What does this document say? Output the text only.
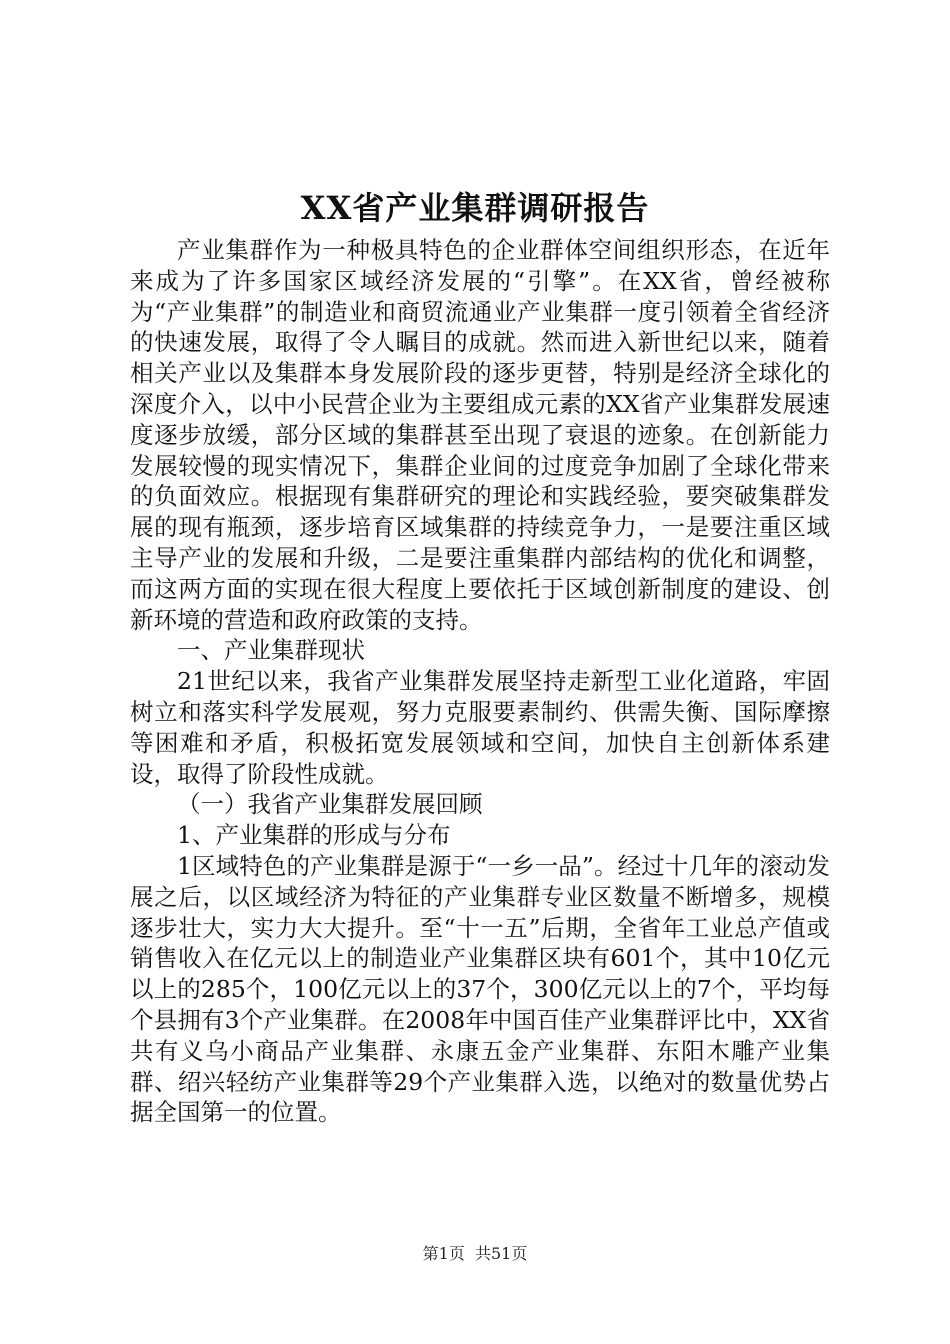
XX省产业集群调研报告

产业集群作为一种极具特色的企业群体空间组织形态，在近年来成为了许多国家区域经济发展的“引擎”。在XX省，曾经被称为“产业集群”的制造业和商贸流通业产业集群一度引领着全省经济的快速发展，取得了令人瞩目的成就。然而进入新世纪以来，随着相关产业以及集群本身发展阶段的逐步更替，特别是经济全球化的深度介入，以中小民营企业为主要组成元素的XX省产业集群发展速度逐步放缓，部分区域的集群甚至出现了衰退的迹象。在创新能力发展较慢的现实情况下，集群企业间的过度竞争加剧了全球化带来的负面效应。根据现有集群研究的理论和实践经验，要突破集群发展的现有瓶颈，逐步培育区域集群的持续竞争力，一是要注重区域主导产业的发展和升级，二是要注重集群内部结构的优化和调整，而这两方面的实现在很大程度上要依托于区域创新制度的建设、创新环境的营造和政府政策的支持。

一、产业集群现状

21世纪以来，我省产业集群发展坚持走新型工业化道路，牢固树立和落实科学发展观，努力克服要素制约、供需失衡、国际摩擦等困难和矛盾，积极拓宽发展领域和空间，加快自主创新体系建设，取得了阶段性成就。

（一）我省产业集群发展回顾

1、产业集群的形成与分布

1区域特色的产业集群是源于“一乡一品”。经过十几年的滚动发展之后，以区域经济为特征的产业集群专业区数量不断增多，规模逐步壮大，实力大大提升。至“十一五”后期，全省年工业总产值或销售收入在亿元以上的制造业产业集群区块有601个，其中10亿元以上的285个，100亿元以上的37个，300亿元以上的7个，平均每个县拥有3个产业集群。在2008年中国百佳产业集群评比中，XX省共有义乌小商品产业集群、永康五金产业集群、东阳木雕产业集群、绍兴轻纺产业集群等29个产业集群入选，以绝对的数量优势占据全国第一的位置。

第1页  共51页
